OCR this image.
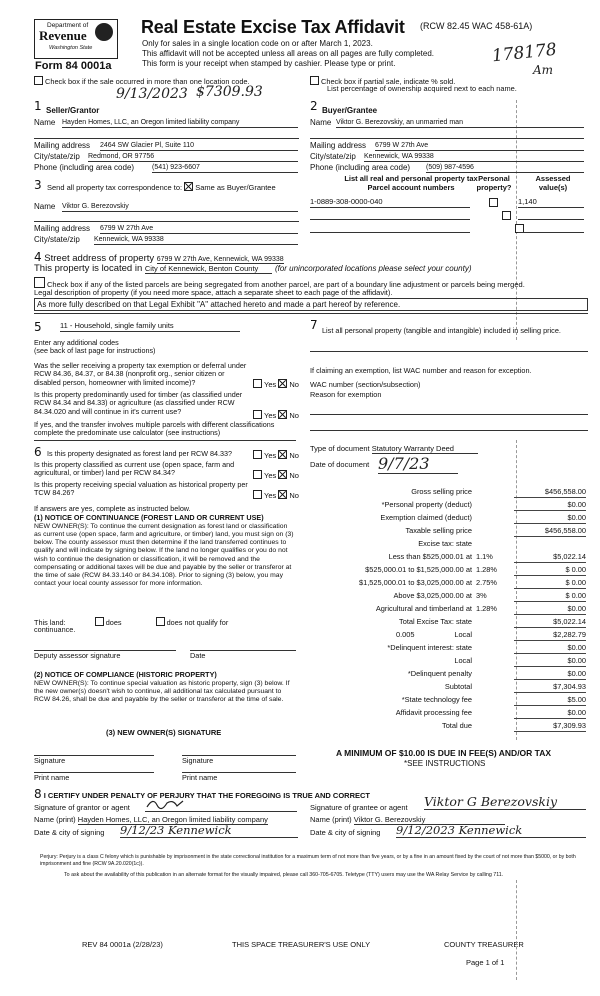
Department of
Revenue
Washington State
Form 84 0001a
Real Estate Excise Tax Affidavit (RCW 82.45 WAC 458-61A)
Only for sales in a single location code on or after March 1, 2023.
This affidavit will not be accepted unless all areas on all pages are fully completed.
This form is your receipt when stamped by cashier. Please type or print.	178178
Am
Check box if the sale occurred in more than one location code.	Check box if partial sale, indicate % sold.
List percentage of ownership acquired next to each name.
9/13/2023 $7309.93
1 Seller/Grantor
Name Hayden Homes, LLC, an Oregon limited liability company
Mailing address 2464 SW Glacier Pl, Suite 110
City/state/zip Redmond, OR 97756
Phone (including area code)	(541) 923-6607
2 Buyer/Grantee
Name Viktor G. Berezovskiy, an unmarried man
Mailing address 6799 W 27th Ave
City/state/zip Kennewick, WA 99338
Phone (including area code) (509) 987-4596
3 Send all property tax correspondence to: Same as Buyer/Grantee
Name Viktor G. Berezovskiy
Mailing address 6799 W 27th Ave
City/state/zip Kennewick, WA 99338
List all real and personal property tax
Parcel account numbers
Personal property?
Assessed value(s)
1-0889-308-0000-040
	1,140

4 Street address of property 6799 W 27th Ave, Kennewick, WA 99338
This property is located in City of Kennewick, Benton County (for unincorporated locations please select your county)
Check box if any of the listed parcels are being segregated from another parcel, are part of a boundary line adjustment or parcels being merged.
Legal description of property (if you need more space, attach a separate sheet to each page of the affidavit).
As more fully described on that Legal Exhibit "A" attached hereto and made a part hereof by reference.
5 11 - Household, single family units
Enter any additional codes
(see back of last page for instructions)
Was the seller receiving a property tax exemption or deferral under RCW 84.36, 84.37, or 84.38 (nonprofit org., senior citizen or disabled person, homeowner with limited income)?	Yes No
Is this property predominantly used for timber (as classified under RCW 84.34 and 84.33) or agriculture (as classified under RCW 84.34.020 and will continue in it's current use?	Yes No
If yes, and the transfer involves multiple parcels with different classifications complete the predominate use calculator (see instructions)
7 List all personal property (tangible and intangible) included in selling price.
If claiming an exemption, list WAC number and reason for exception.
WAC number (section/subsection)
Reason for exemption
6 Is this property designated as forest land per RCW 84.33?	Yes No
Is this property classified as current use (open space, farm and agricultural, or timber) land per RCW 84.34?	Yes No
Is this property receiving special valuation as historical property per TCW 84.26?	Yes No
If answers are yes, complete as instructed below.
(1) NOTICE OF CONTINUANCE (FOREST LAND OR CURRENT USE)
NEW OWNER(S): To continue the current designation as forest land or classification as current use (open space, farm and agriculture, or timber) land, you must sign on (3) below. The county assessor must then determine if the land transferred continues to qualify and will indicate by signing below. If the land no longer qualifies or you do not wish to continue the designation or classification, it will be removed and the compensating or additional taxes will be due and payable by the seller or transferor at the time of sale (RCW 84.33.140 or 84.34.108). Prior to signing (3) below, you may contact your local county assessor for more information.
This land:	does	does not qualify for
continuance.
Deputy assessor signature	Date
(2) NOTICE OF COMPLIANCE (HISTORIC PROPERTY)
NEW OWNER(S): To continue special valuation as historic property, sign (3) below. If the new owner(s) doesn't wish to continue, all additional tax calculated pursuant to RCW 84.26, shall be due and payable by the seller or transferor at the time of sale.
(3) NEW OWNER(S) SIGNATURE
Signature	Signature
Print name	Print name
Type of document Statutory Warranty Deed
Date of document 9/7/23
Gross selling price	$456,558.00
*Personal property (deduct)	$0.00
Exemption claimed (deduct)	$0.00
Taxable selling price	$456,558.00
Excise tax: state
Less than $525,000.01 at 1.1%	$5,022.14
$525,000.01 to $1,525,000.00 at 1.28%	$ 0.00
$1,525,000.01 to $3,025,000.00 at 2.75%	$ 0.00
Above $3,025,000.00 at 3%	$ 0.00
Agricultural and timberland at 1.28%	$0.00
Total Excise Tax: state	$5,022.14
0.005	Local	$2,282.79
*Delinquent interest: state	$0.00
Local	$0.00
*Delinquent penalty	$0.00
Subtotal	$7,304.93
*State technology fee	$5.00
Affidavit processing fee	$0.00
Total due	$7,309.93
A MINIMUM OF $10.00 IS DUE IN FEE(S) AND/OR TAX
*SEE INSTRUCTIONS
8 I CERTIFY UNDER PENALTY OF PERJURY THAT THE FOREGOING IS TRUE AND CORRECT
Signature of grantor or agent
Name (print) Hayden Homes, LLC, an Oregon limited liability company
Date & city of signing 9/12/23 Kennewick
Signature of grantee or agent Viktor G Berezovskiy
Name (print) Viktor G. Berezovskiy
Date & city of signing 9/12/2023 Kennewick
Perjury: Perjury is a class C felony which is punishable by imprisonment in the state correctional institution for a maximum term of not more than five years, or by a fine in an amount fixed by the court of not more than $5000, or by both imprisonment and fine (RCW 9A.20.020(1c)).
To ask about the availability of this publication in an alternate format for the visually impaired, please call 360-705-6705. Teletype (TTY) users may use the WA Relay Service by calling 711.
REV 84 0001a (2/28/23)	THIS SPACE TREASURER'S USE ONLY	COUNTY TREASURER
Page 1 of 1
